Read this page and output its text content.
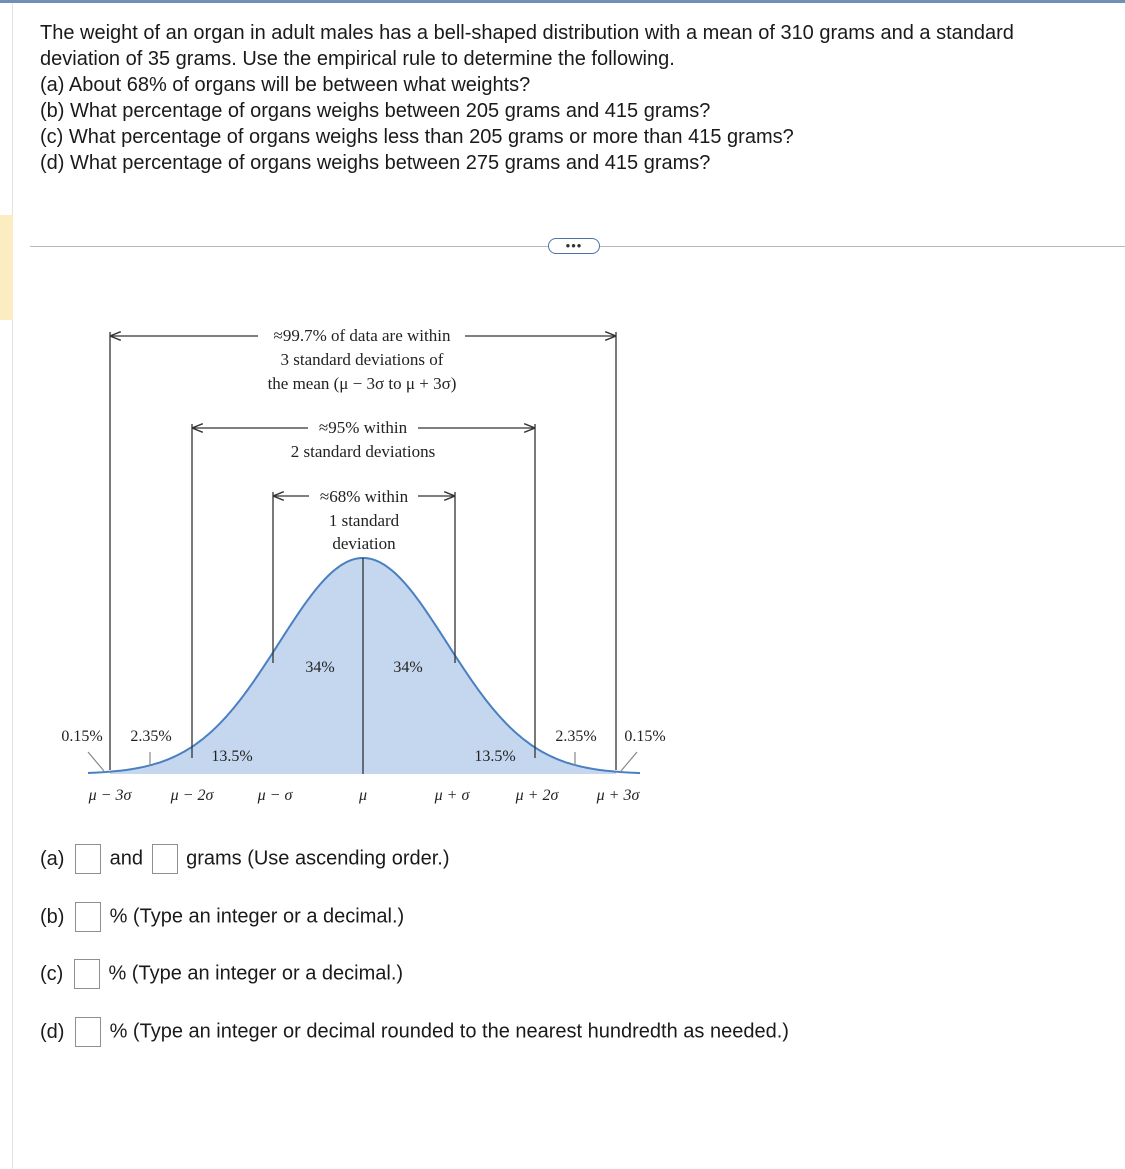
The weight of an organ in adult males has a bell-shaped distribution with a mean of 310 grams and a standard
deviation of 35 grams. Use the empirical rule to determine the following.
(a) About 68% of organs will be between what weights?
(b) What percentage of organs weighs between 205 grams and 415 grams?
(c) What percentage of organs weighs less than 205 grams or more than 415 grams?
(d) What percentage of organs weighs between 275 grams and 415 grams?
•••
≈99.7% of data are within
3 standard deviations of
the mean (μ − 3σ to μ + 3σ)
≈95% within
2 standard deviations
≈68% within
1 standard
deviation
34%	34%
13.5%	13.5%
0.15% 2.35%	2.35% 0.15%
μ − 3σ μ − 2σ	μ − σ	μ	μ + σ	μ + 2σ μ + 3σ
(a) and grams (Use ascending order.)
(b) % (Type an integer or a decimal.)
(c) % (Type an integer or a decimal.)
(d) % (Type an integer or decimal rounded to the nearest hundredth as needed.)
